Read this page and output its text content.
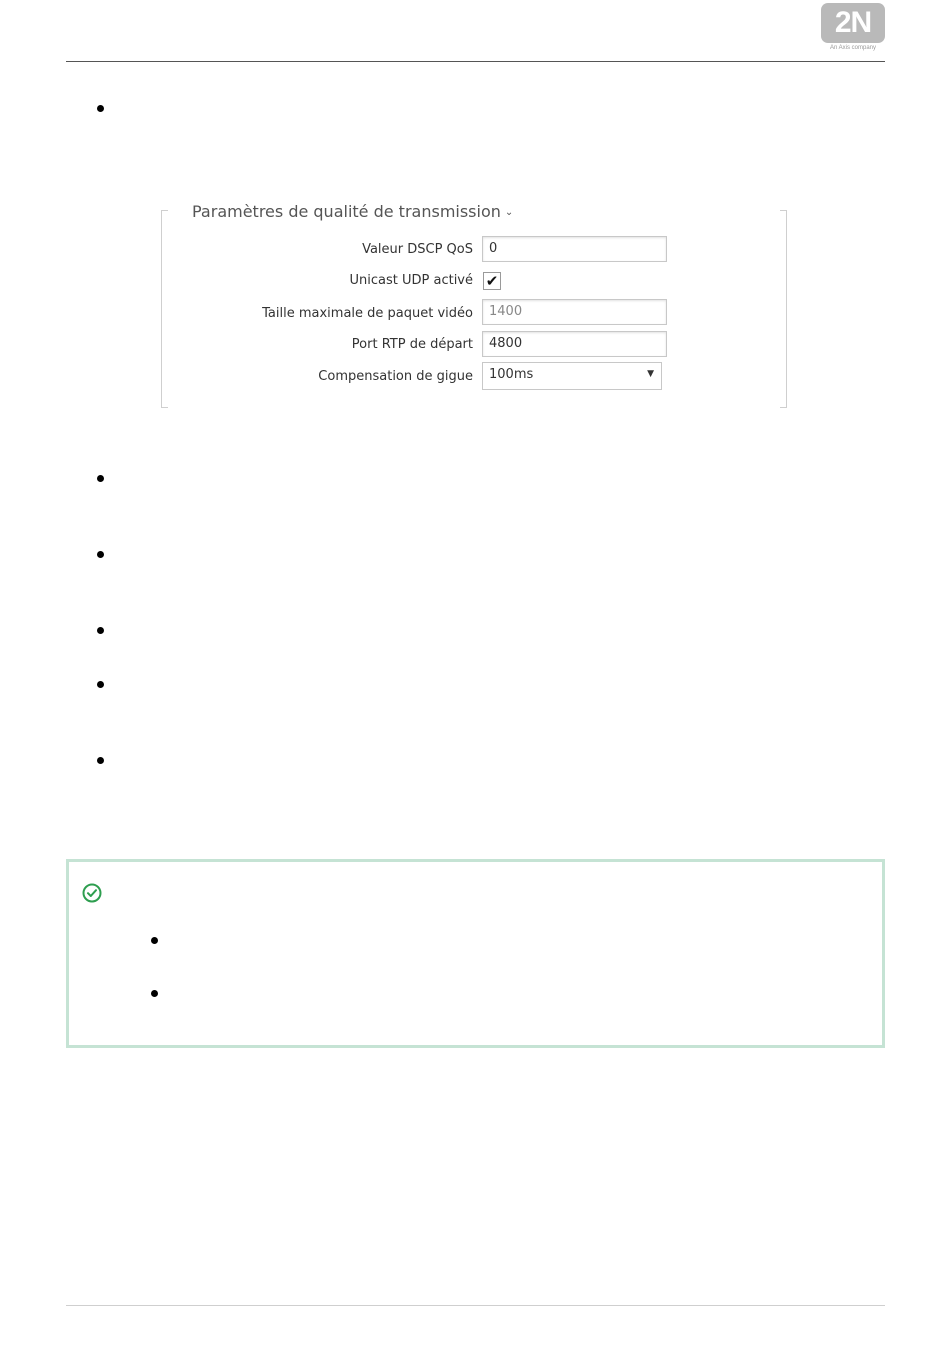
2N
An Axis company
Paramètres de qualité de transmission ⌄
Valeur DSCP QoS	0
Unicast UDP activé ✔
Taille maximale de paquet vidéo	1400
Port RTP de départ	4800
Compensation de gigue	100ms	▼
